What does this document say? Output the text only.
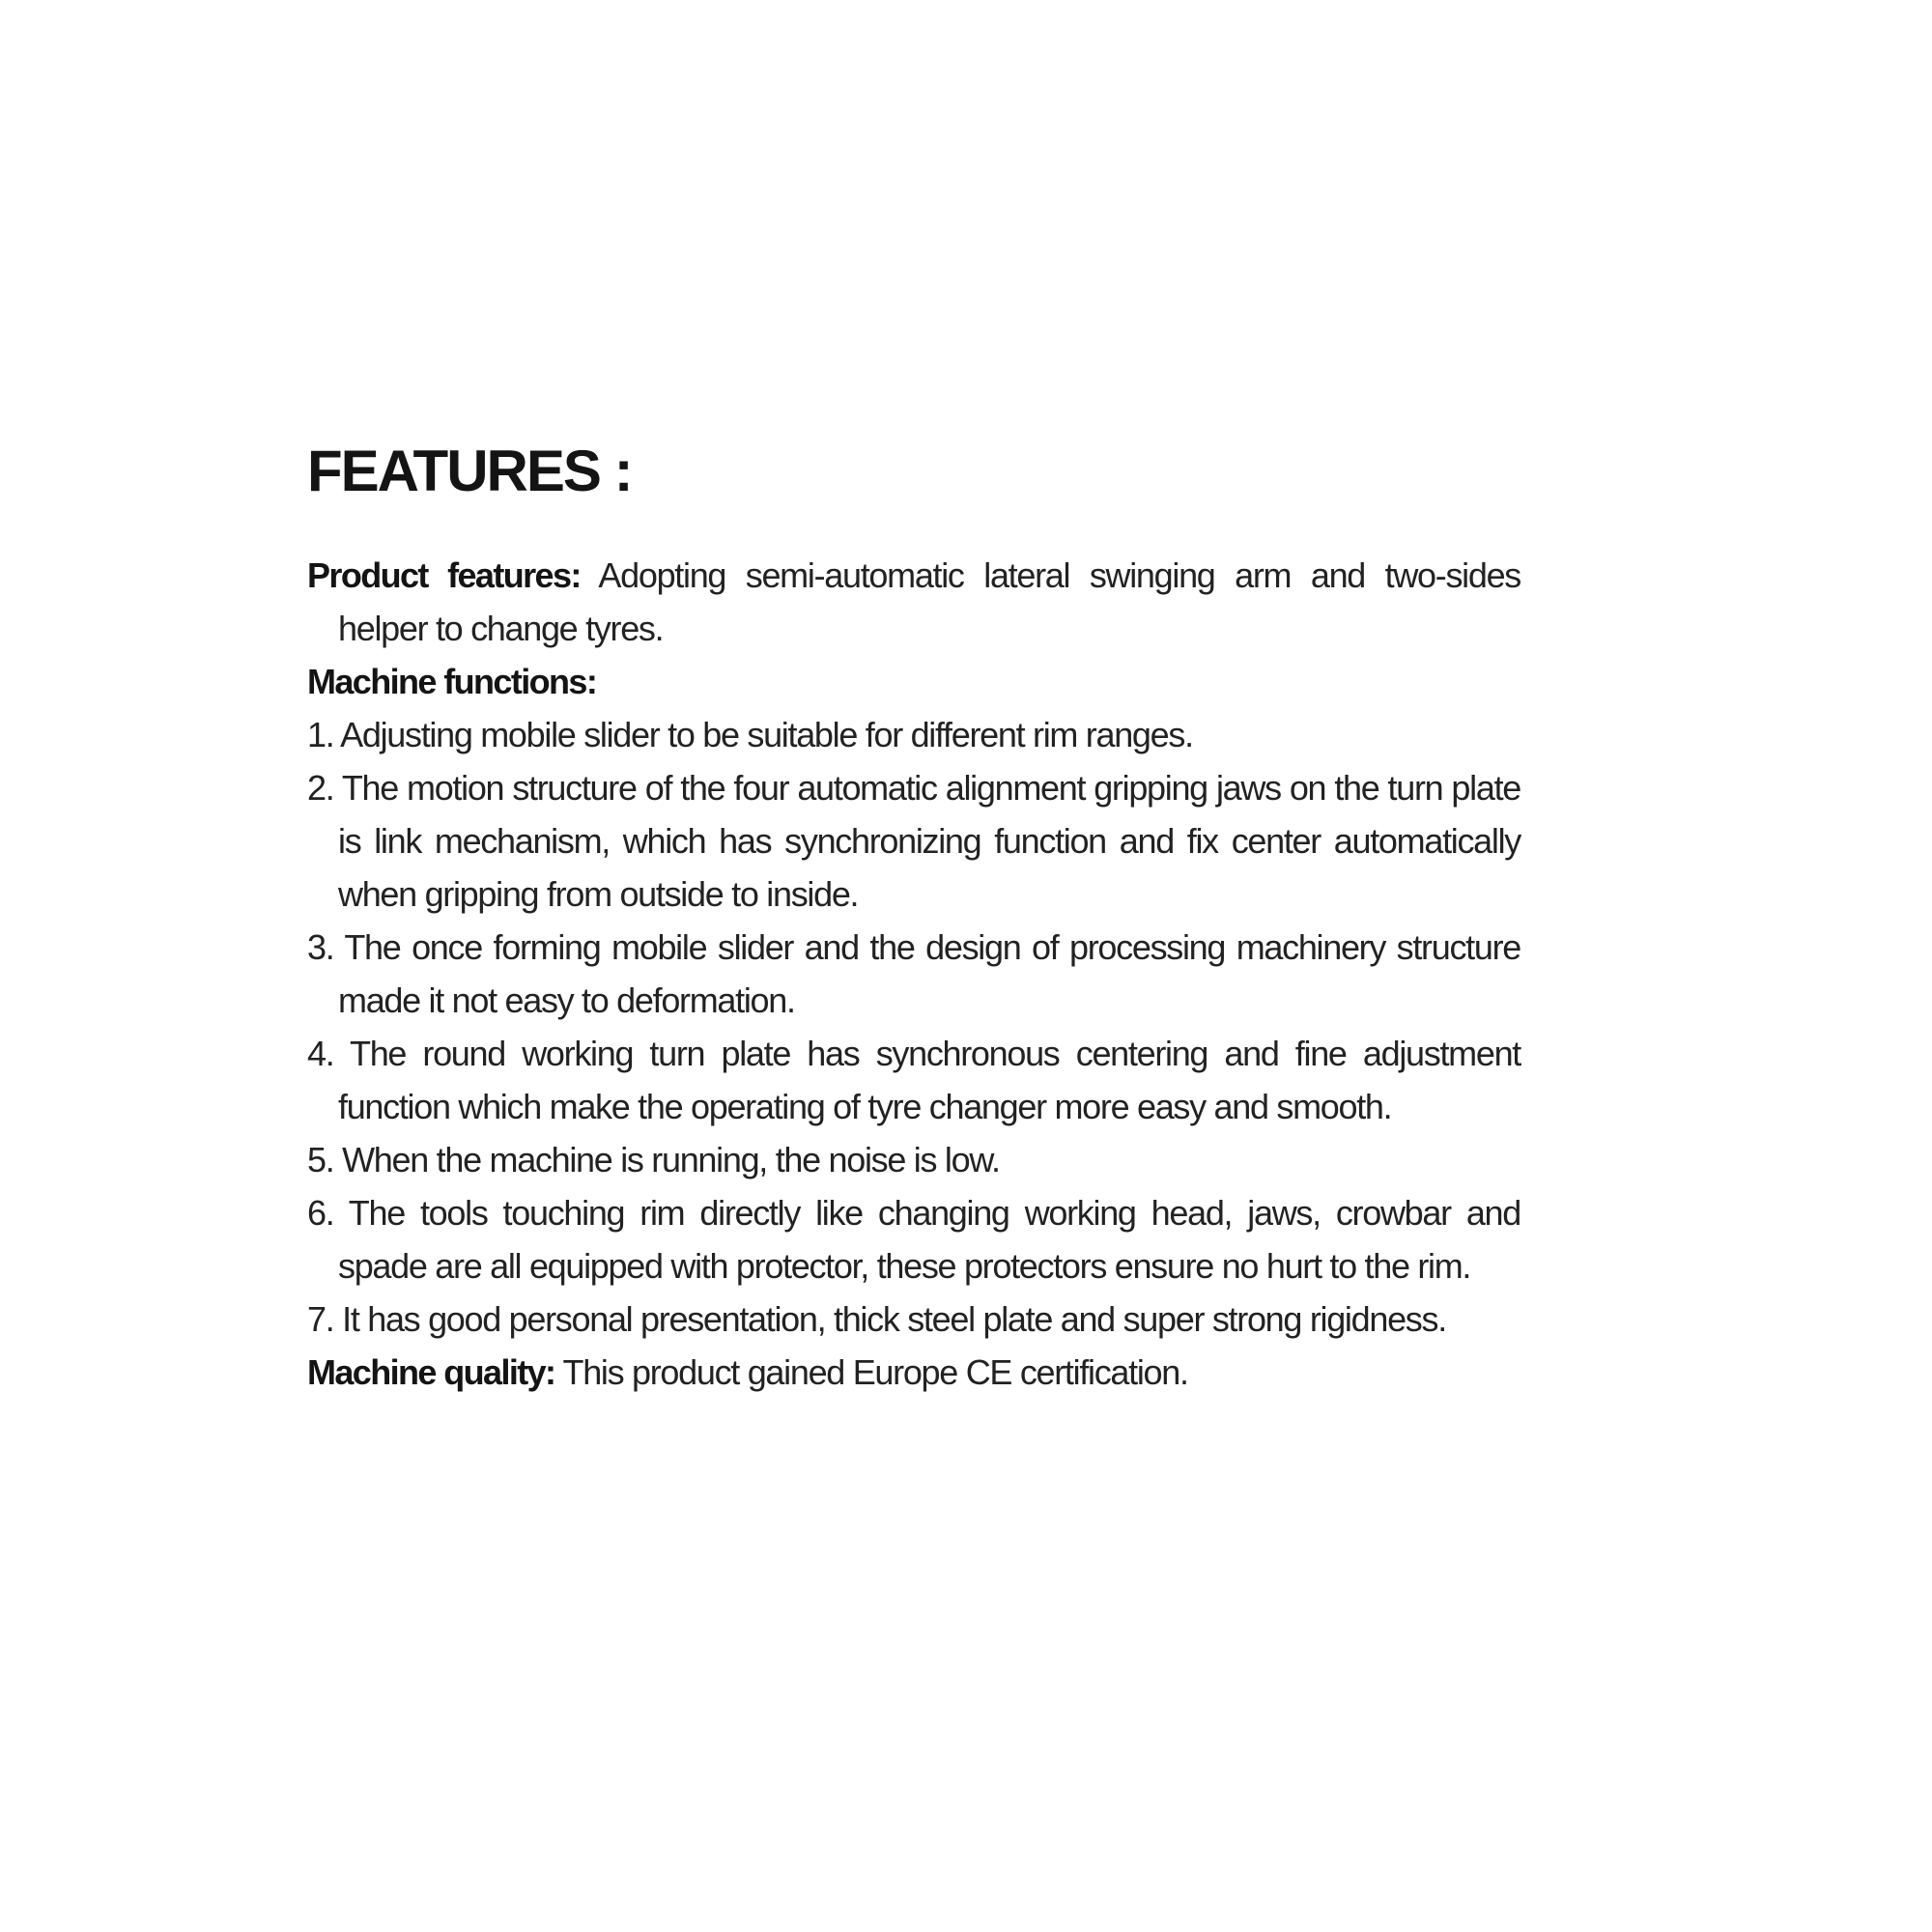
FEATURES :

Product features: Adopting semi-automatic lateral swinging arm and two-sides helper to change tyres.

Machine functions:

1. Adjusting mobile slider to be suitable for different rim ranges.
2. The motion structure of the four automatic alignment gripping jaws on the turn plate is link mechanism, which has synchronizing function and fix center automatically when gripping from outside to inside.
3. The once forming mobile slider and the design of processing machinery structure made it not easy to deformation.
4. The round working turn plate has synchronous centering and fine adjustment function which make the operating of tyre changer more easy and smooth.
5. When the machine is running, the noise is low.
6. The tools touching rim directly like changing working head, jaws, crowbar and spade are all equipped with protector, these protectors ensure no hurt to the rim.
7. It has good personal presentation, thick steel plate and super strong rigidness.

Machine quality: This product gained Europe CE certification.
